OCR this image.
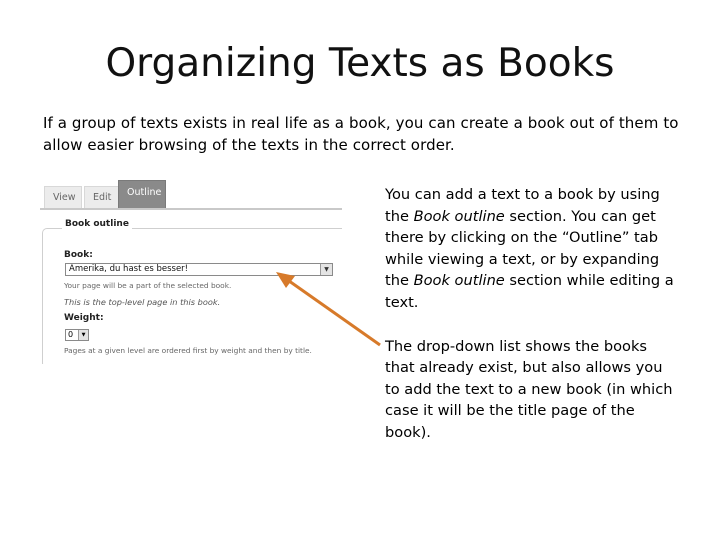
Organizing Texts as Books
If a group of texts exists in real life as a book, you can create a book out of them to allow easier browsing of the texts in the correct order.
View	Edit	Outline
Book outline
Book:
Amerika, du hast es besser!	▼
Your page will be a part of the selected book.
This is the top-level page in this book.
Weight:
0	▼
Pages at a given level are ordered first by weight and then by title.

You can add a text to a book by using the Book outline section. You can get there by clicking on the “Outline” tab while viewing a text, or by expanding the Book outline section while editing a text.

The drop-down list shows the books that already exist, but also allows you to add the text to a new book (in which case it will be the title page of the book).
